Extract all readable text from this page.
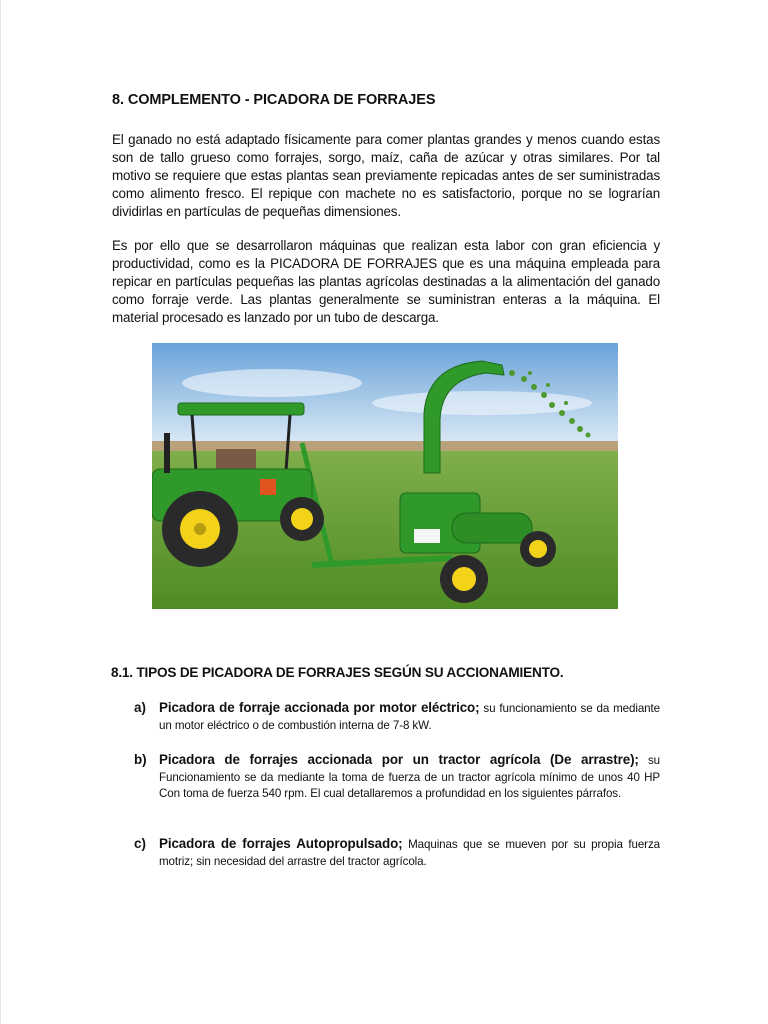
8. COMPLEMENTO - PICADORA DE FORRAJES

El ganado no está adaptado físicamente para comer plantas grandes y menos cuando estas son de tallo grueso como forrajes, sorgo, maíz, caña de azúcar y otras similares. Por tal motivo se requiere que estas plantas sean previamente repicadas antes de ser suministradas como alimento fresco. El repique con machete no es satisfactorio, porque no se lograrían dividirlas en partículas de pequeñas dimensiones.

Es por ello que se desarrollaron máquinas que realizan esta labor con gran eficiencia y productividad, como es la PICADORA DE FORRAJES que es una máquina empleada para repicar en partículas pequeñas las plantas agrícolas destinadas a la alimentación del ganado como forraje verde. Las plantas generalmente se suministran enteras a la máquina. El material procesado es lanzado por un tubo de descarga.

8.1. TIPOS DE PICADORA DE FORRAJES SEGÚN SU ACCIONAMIENTO.
a) Picadora de forraje accionada por motor eléctrico; su funcionamiento se da mediante un motor eléctrico o de combustión interna de 7-8 kW.
b) Picadora de forrajes accionada por un tractor agrícola (De arrastre); su Funcionamiento se da mediante la toma de fuerza de un tractor agrícola mínimo de unos 40 HP Con toma de fuerza 540 rpm. El cual detallaremos a profundidad en los siguientes párrafos.
c) Picadora de forrajes Autopropulsado; Maquinas que se mueven por su propia fuerza motriz; sin necesidad del arrastre del tractor agrícola.
